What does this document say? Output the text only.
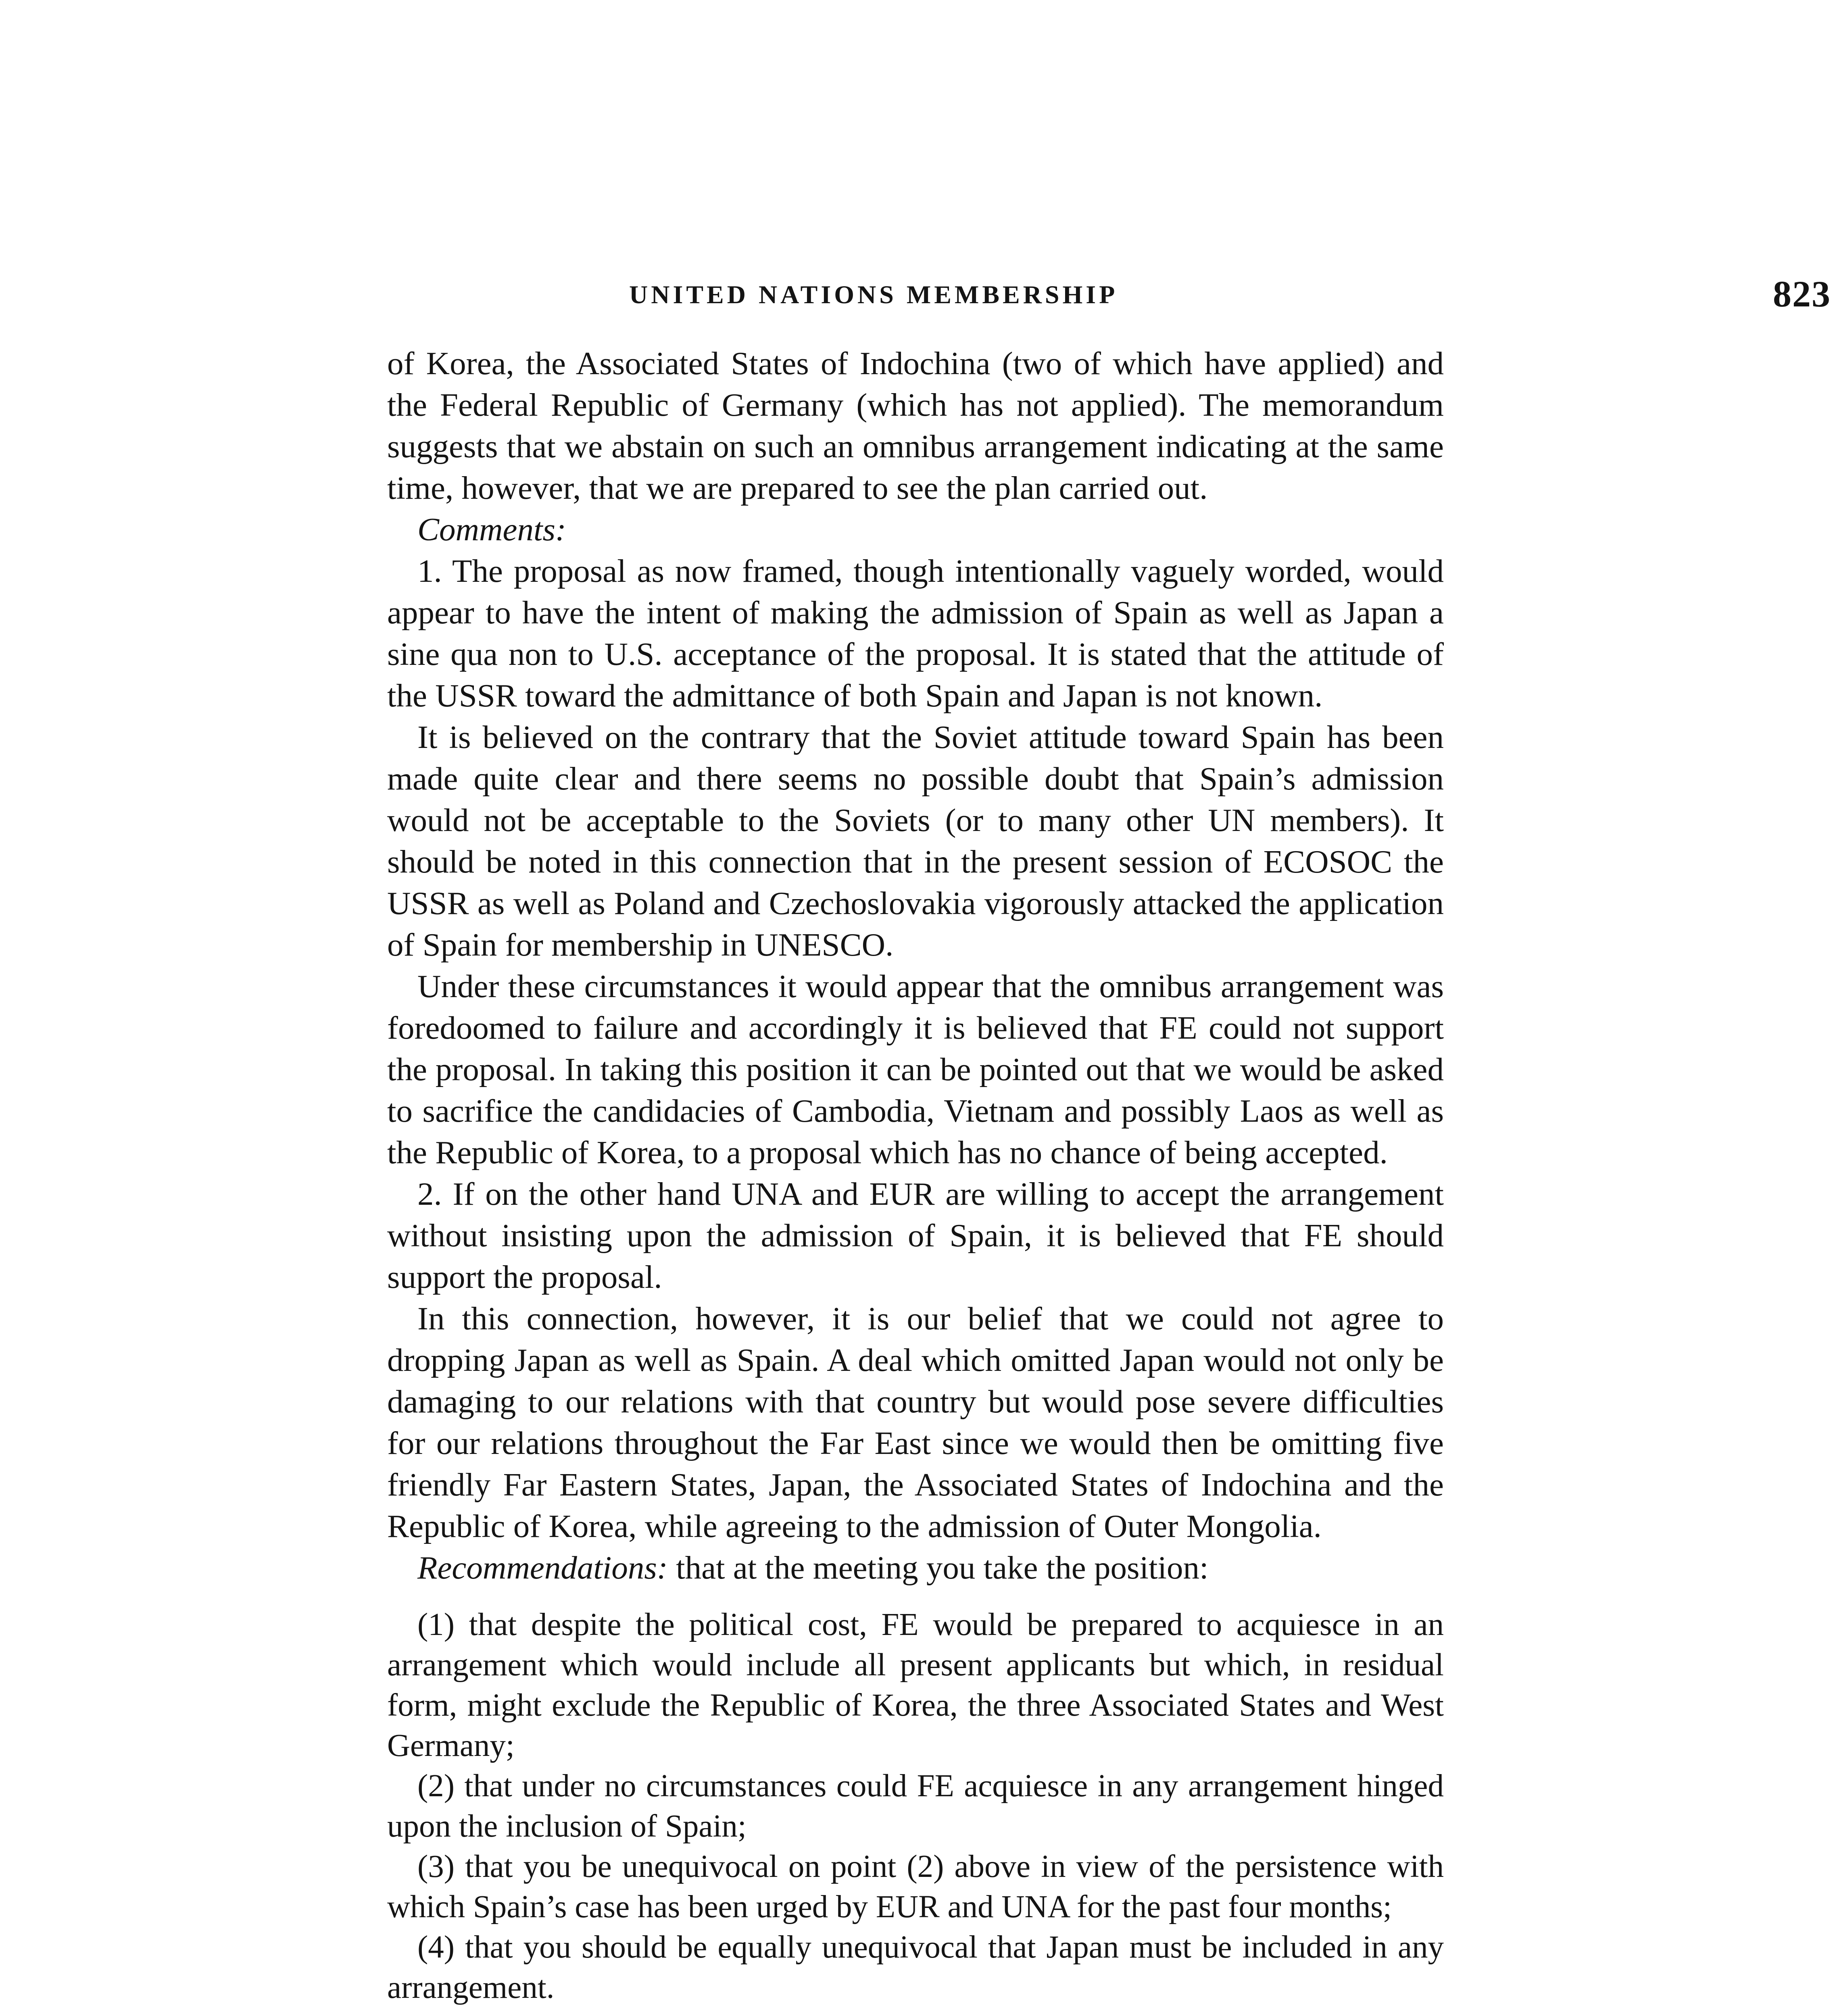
UNITED NATIONS MEMBERSHIP	823

of Korea, the Associated States of Indochina (two of which have applied) and the Federal Republic of Germany (which has not applied). The memorandum suggests that we abstain on such an omnibus arrangement indicating at the same time, however, that we are prepared to see the plan carried out.

Comments:

1. The proposal as now framed, though intentionally vaguely worded, would appear to have the intent of making the admission of Spain as well as Japan a sine qua non to U.S. acceptance of the proposal. It is stated that the attitude of the USSR toward the admittance of both Spain and Japan is not known.

It is believed on the contrary that the Soviet attitude toward Spain has been made quite clear and there seems no possible doubt that Spain’s admission would not be acceptable to the Soviets (or to many other UN members). It should be noted in this connection that in the present session of ECOSOC the USSR as well as Poland and Czechoslovakia vigorously attacked the application of Spain for membership in UNESCO.

Under these circumstances it would appear that the omnibus arrangement was foredoomed to failure and accordingly it is believed that FE could not support the proposal. In taking this position it can be pointed out that we would be asked to sacrifice the candidacies of Cambodia, Vietnam and possibly Laos as well as the Republic of Korea, to a proposal which has no chance of being accepted.

2. If on the other hand UNA and EUR are willing to accept the arrangement without insisting upon the admission of Spain, it is believed that FE should support the proposal.

In this connection, however, it is our belief that we could not agree to dropping Japan as well as Spain. A deal which omitted Japan would not only be damaging to our relations with that country but would pose severe difficulties for our relations throughout the Far East since we would then be omitting five friendly Far Eastern States, Japan, the Associated States of Indochina and the Republic of Korea, while agreeing to the admission of Outer Mongolia.

Recommendations: that at the meeting you take the position:

(1) that despite the political cost, FE would be prepared to acquiesce in an arrangement which would include all present applicants but which, in residual form, might exclude the Republic of Korea, the three Associated States and West Germany;

(2) that under no circumstances could FE acquiesce in any arrangement hinged upon the inclusion of Spain;

(3) that you be unequivocal on point (2) above in view of the persistence with which Spain’s case has been urged by EUR and UNA for the past four months;

(4) that you should be equally unequivocal that Japan must be included in any arrangement.
